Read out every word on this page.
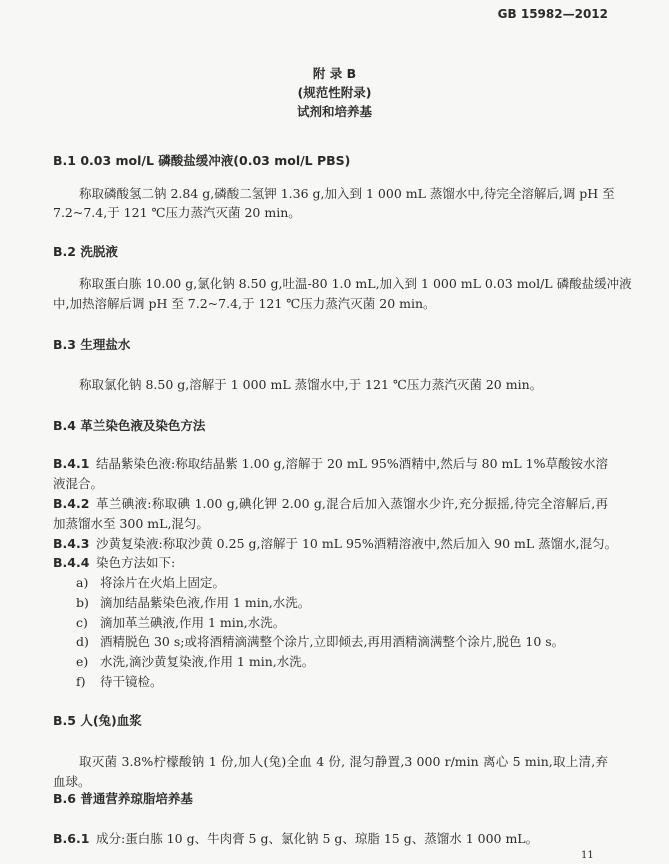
GB 15982—2012
附 录 B
(规范性附录)
试剂和培养基
B.1 0.03 mol/L 磷酸盐缓冲液(0.03 mol/L PBS)
称取磷酸氢二钠 2.84 g,磷酸二氢钾 1.36 g,加入到 1 000 mL 蒸馏水中,待完全溶解后,调 pH 至
7.2~7.4,于 121 ℃压力蒸汽灭菌 20 min。
B.2 洗脱液
称取蛋白胨 10.00 g,氯化钠 8.50 g,吐温-80 1.0 mL,加入到 1 000 mL 0.03 mol/L 磷酸盐缓冲液
中,加热溶解后调 pH 至 7.2~7.4,于 121 ℃压力蒸汽灭菌 20 min。
B.3 生理盐水
称取氯化钠 8.50 g,溶解于 1 000 mL 蒸馏水中,于 121 ℃压力蒸汽灭菌 20 min。
B.4 革兰染色液及染色方法
B.4.1 结晶紫染色液:称取结晶紫 1.00 g,溶解于 20 mL 95%酒精中,然后与 80 mL 1%草酸铵水溶
液混合。
B.4.2 革兰碘液:称取碘 1.00 g,碘化钾 2.00 g,混合后加入蒸馏水少许,充分振摇,待完全溶解后,再
加蒸馏水至 300 mL,混匀。
B.4.3 沙黄复染液:称取沙黄 0.25 g,溶解于 10 mL 95%酒精溶液中,然后加入 90 mL 蒸馏水,混匀。
B.4.4 染色方法如下:
a) 将涂片在火焰上固定。
b) 滴加结晶紫染色液,作用 1 min,水洗。
c) 滴加革兰碘液,作用 1 min,水洗。
d) 酒精脱色 30 s;或将酒精滴满整个涂片,立即倾去,再用酒精滴满整个涂片,脱色 10 s。
e) 水洗,滴沙黄复染液,作用 1 min,水洗。
f) 待干镜检。
B.5 人(兔)血浆
取灭菌 3.8%柠檬酸钠 1 份,加人(兔)全血 4 份, 混匀静置,3 000 r/min 离心 5 min,取上清,弃
血球。
B.6 普通营养琼脂培养基
B.6.1 成分:蛋白胨 10 g、牛肉膏 5 g、氯化钠 5 g、琼脂 15 g、蒸馏水 1 000 mL。
11
